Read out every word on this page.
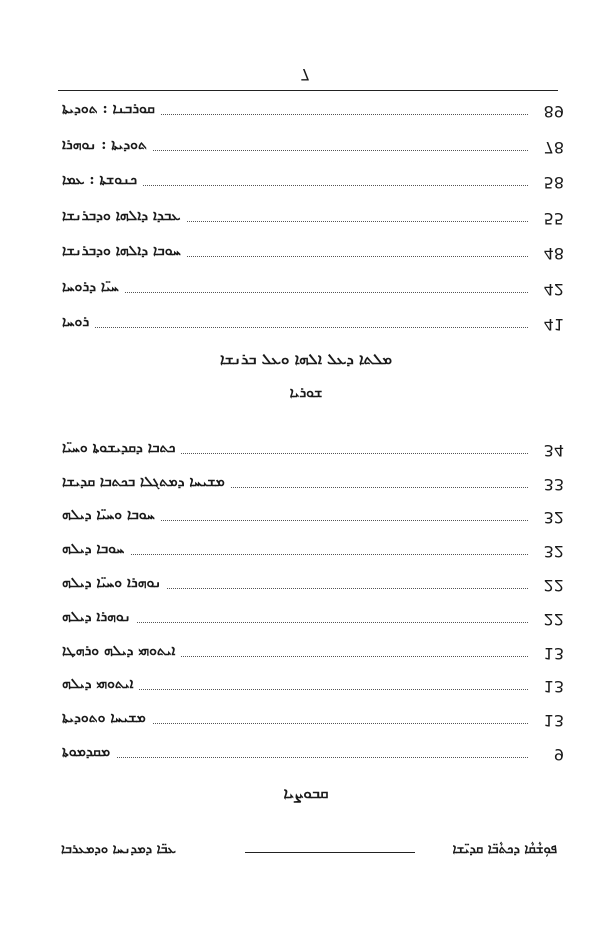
ܦܘܼܫܵܩܵܐ ܕܟܬܵܒ̈ܐ ܩܕܝ̈ܫܐ
ܥܒ̈ܐ ܕܡܕܢܚܐ ܘܕܡܥܪܒܐ
ܩܒܘܨܝܐ
ܡܩܕܡܘܬܐ	9
ܡܫܝܚܐ ܘܬܘܕܝܬܐ	13
ܐܝܬܘܗܝ ܕܝܠܗ	13
ܐܝܬܘܗܝ ܕܝܠܗ ܘܪܗܛܐ	13
ܢܘܗܪܐ ܕܝܠܗ	22
ܢܘܗܪܐ ܘܚܝ̈ܐ ܕܝܠܗ	22
ܚܘܒܐ ܕܝܠܗ	32
ܚܘܒܐ ܘܚܝ̈ܐ ܕܝܠܗ	32
ܡܫܝܚܐ ܕܡܬܓܠܐ ܒܟܬܒܐ ܩܕܝܫܐ	33
ܟܬܒܐ ܕܩܕܝܫܘܬܐ ܘܚܝ̈ܐ	34
ܫܘܪܝܐ
ܡܠܬܐ ܕܥܠ ܐܠܗܐ ܘܥܠ ܒܪܢܫܐ
ܪܘܚܐ	41
ܚܝ̈ܐ ܕܪܘܚܐ	42
ܚܘܒܐ ܕܐܠܗܐ ܘܕܒܪܢܫܐ	48
ܥܒܕܐ ܕܐܠܗܐ ܘܕܒܪܢܫܐ	55
ܟܢܘܫܬܐ : ܥܡܐ	58
ܬܘܕܝܬܐ : ܢܘܗܪܐ	78
ܩܘܪܒܢܐ : ܬܘܕܝܬܐ	89
7
